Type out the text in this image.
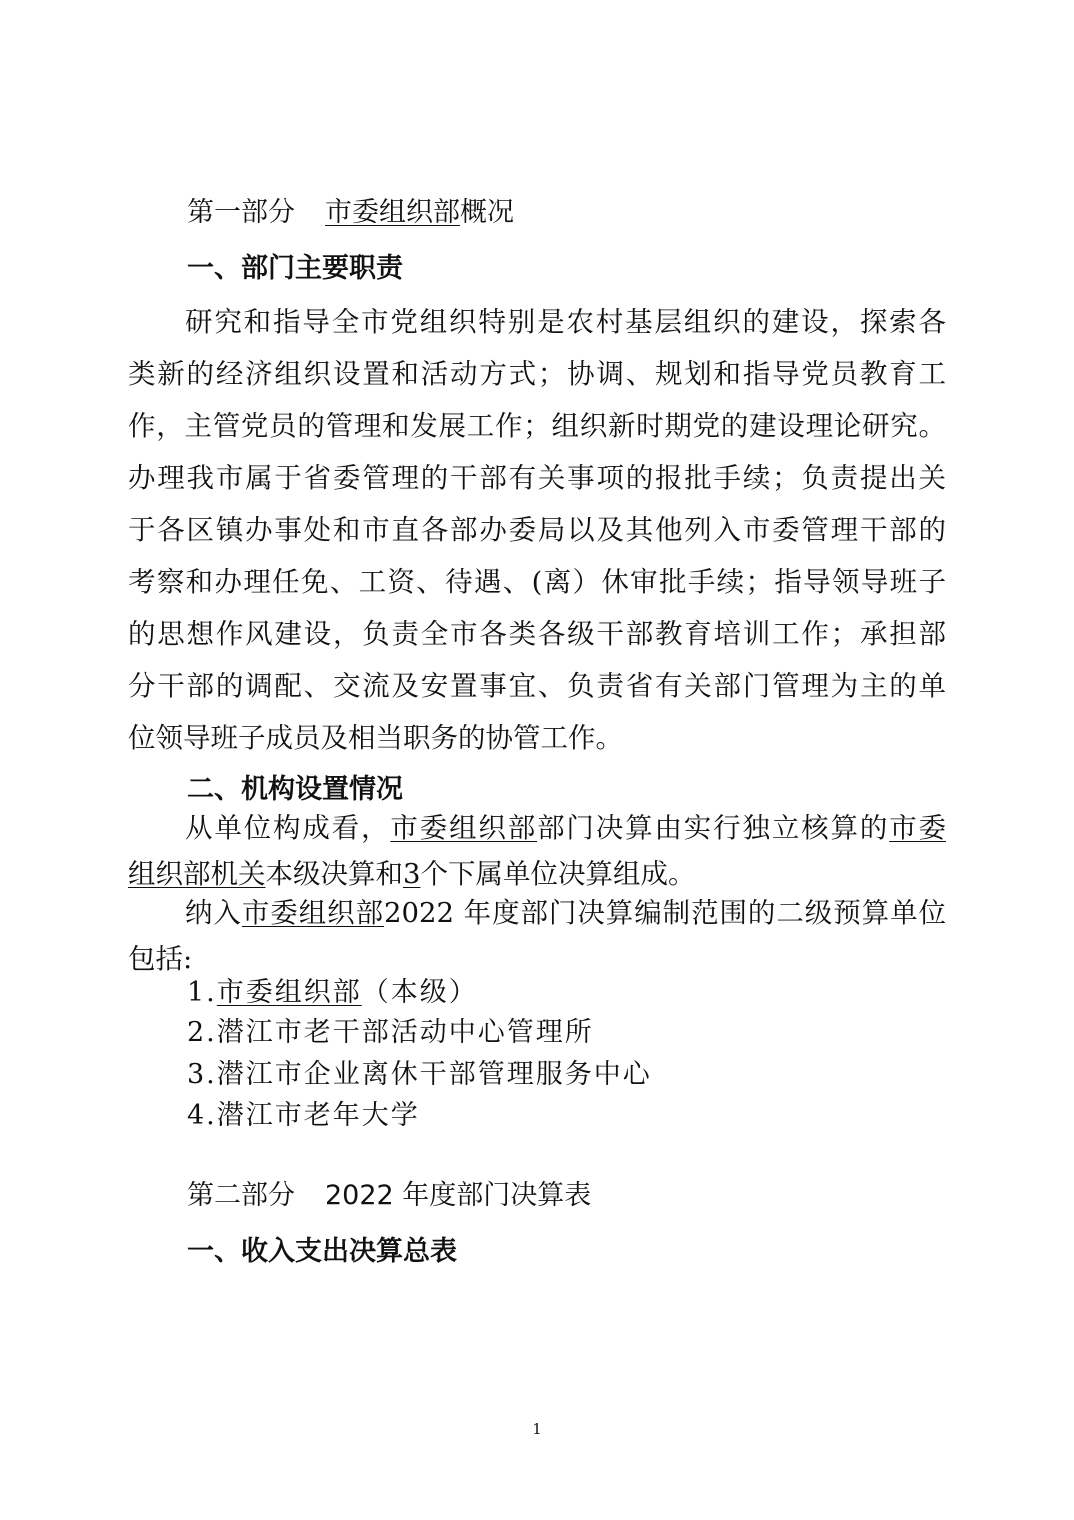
第一部分 市委组织部概况
一、部门主要职责
研究和指导全市党组织特别是农村基层组织的建设，探索各
类新的经济组织设置和活动方式；协调、规划和指导党员教育工
作，主管党员的管理和发展工作；组织新时期党的建设理论研究。
办理我市属于省委管理的干部有关事项的报批手续；负责提出关
于各区镇办事处和市直各部办委局以及其他列入市委管理干部的
考察和办理任免、工资、待遇、(离）休审批手续；指导领导班子
的思想作风建设，负责全市各类各级干部教育培训工作；承担部
分干部的调配、交流及安置事宜、负责省有关部门管理为主的单
位领导班子成员及相当职务的协管工作。
二、机构设置情况
从单位构成看，市委组织部部门决算由实行独立核算的市委
组织部机关本级决算和3个下属单位决算组成。
纳入市委组织部2022 年度部门决算编制范围的二级预算单位
包括:
1.市委组织部（本级）
2.潜江市老干部活动中心管理所
3.潜江市企业离休干部管理服务中心
4.潜江市老年大学
第二部分 2022 年度部门决算表
一、收入支出决算总表
1
